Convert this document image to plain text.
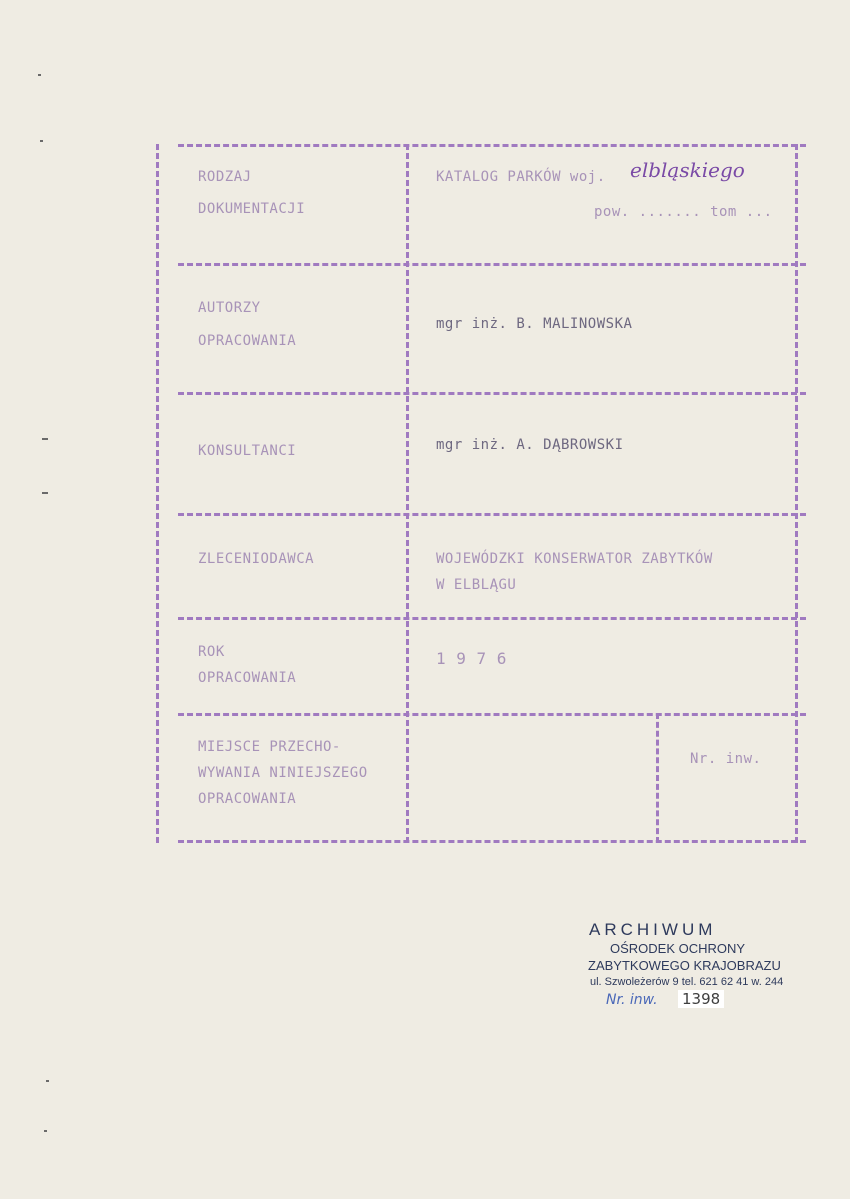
RODZAJ
DOKUMENTACJI
KATALOG PARKÓW woj. elbląskiego
pow. ....... tom ...
AUTORZY
OPRACOWANIA
mgr inż. B. MALINOWSKA
KONSULTANCI	mgr inż. A. DĄBROWSKI
ZLECENIODAWCA	WOJEWÓDZKI KONSERWATOR ZABYTKÓW
W ELBLĄGU
ROK
OPRACOWANIA
1 9 7 6
MIEJSCE PRZECHO-
WYWANIA NINIEJSZEGO
OPRACOWANIA
Nr. inw.
ARCHIWUM
OŚRODEK OCHRONY
ZABYTKOWEGO KRAJOBRAZU
ul. Szwoleżerów 9 tel. 621 62 41 w. 244
Nr. inw. 1398
